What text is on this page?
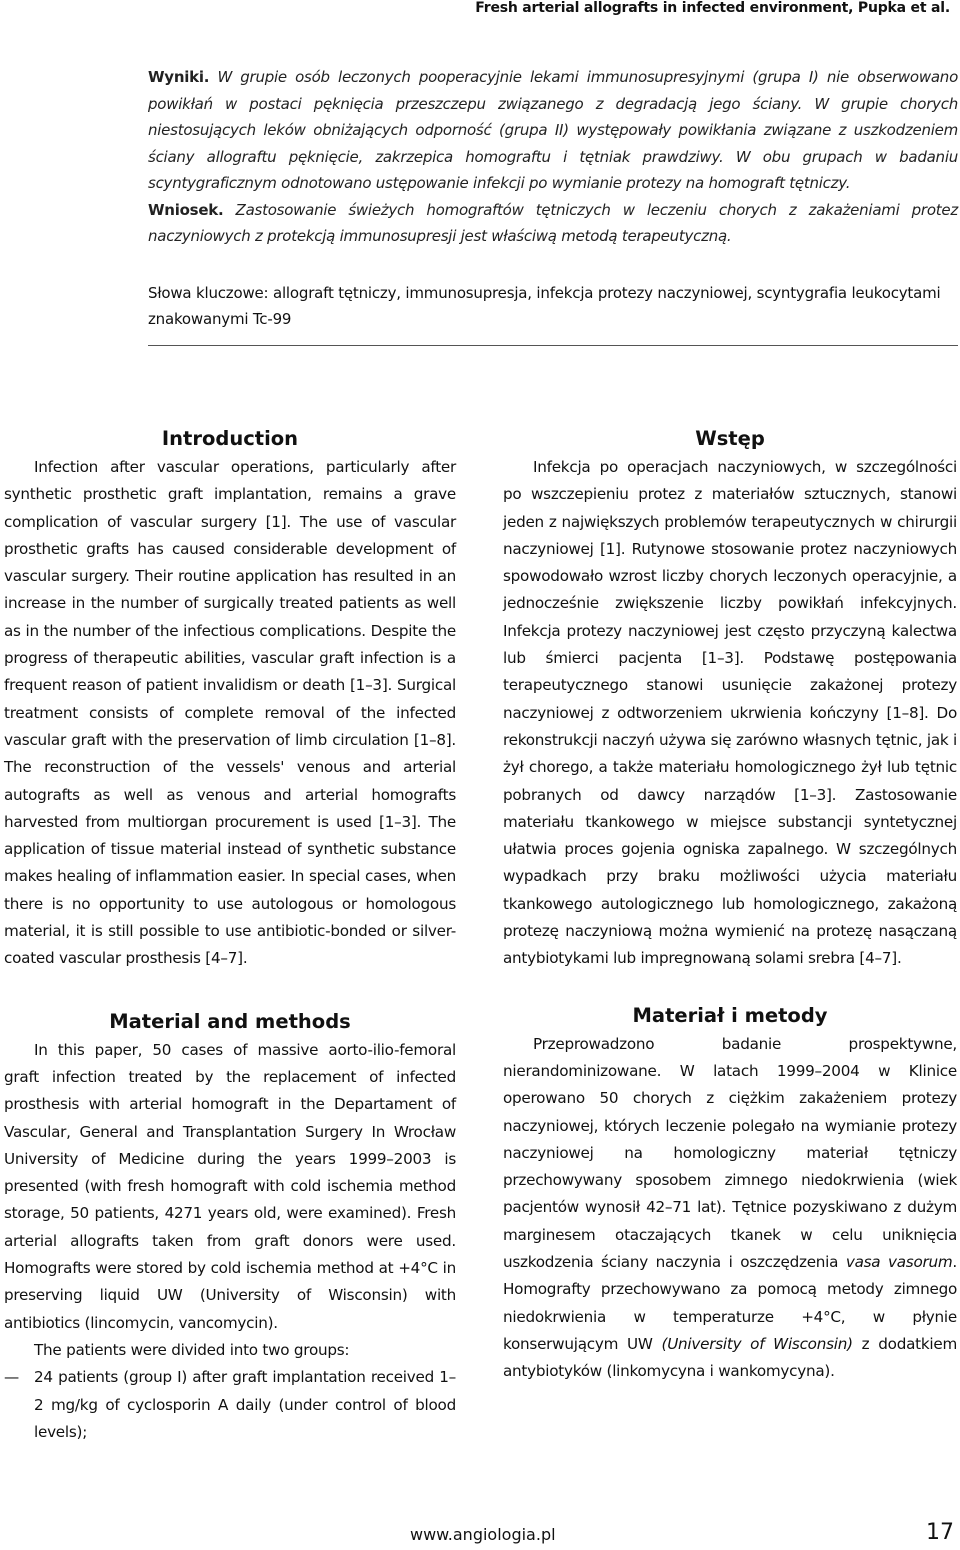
Fresh arterial allografts in infected environment, Pupka et al.
Wyniki. W grupie osób leczonych pooperacyjnie lekami immunosupresyjnymi (grupa I) nie obserwowano powikłań w postaci pęknięcia przeszczepu związanego z degradacją jego ściany. W grupie chorych niestosujących leków obniżających odporność (grupa II) występowały powikłania związane z uszkodzeniem ściany allograftu pęknięcie, zakrzepica homograftu i tętniak prawdziwy. W obu grupach w badaniu scyntygraficznym odnotowano ustępowanie infekcji po wymianie protezy na homograft tętniczy.
Wniosek. Zastosowanie świeżych homograftów tętniczych w leczeniu chorych z zakażeniami protez naczyniowych z protekcją immunosupresji jest właściwą metodą terapeutyczną.
Słowa kluczowe: allograft tętniczy, immunosupresja, infekcja protezy naczyniowej, scyntygrafia leukocytami znakowanymi Tc-99
Introduction

Infection after vascular operations, particularly after synthetic prosthetic graft implantation, remains a grave complication of vascular surgery [1]. The use of vascular prosthetic grafts has caused considerable development of vascular surgery. Their routine application has resulted in an increase in the number of surgically treated patients as well as in the number of the infectious complications. Despite the progress of therapeutic abilities, vascular graft infection is a frequent reason of patient invalidism or death [1–3]. Surgical treatment consists of complete removal of the infected vascular graft with the preservation of limb circulation [1–8]. The reconstruction of the vessels' venous and arterial autografts as well as venous and arterial homografts harvested from multiorgan procurement is used [1–3]. The application of tissue material instead of synthetic substance makes healing of inflammation easier. In special cases, when there is no opportunity to use autologous or homologous material, it is still possible to use antibiotic-bonded or silver-coated vascular prosthesis [4–7].

Material and methods

In this paper, 50 cases of massive aorto-ilio-femoral graft infection treated by the replacement of infected prosthesis with arterial homograft in the Departament of Vascular, General and Transplantation Surgery In Wrocław University of Medicine during the years 1999–2003 is presented (with fresh homograft with cold ischemia method storage, 50 patients, 4271 years old, were examined). Fresh arterial allografts taken from graft donors were used. Homografts were stored by cold ischemia method at +4°C in preserving liquid UW (University of Wisconsin) with antibiotics (lincomycin, vancomycin).

The patients were divided into two groups:

— 24 patients (group I) after graft implantation received 1–2 mg/kg of cyclosporin A daily (under control of blood levels);
Wstęp

Infekcja po operacjach naczyniowych, w szczególności po wszczepieniu protez z materiałów sztucznych, stanowi jeden z największych problemów terapeutycznych w chirurgii naczyniowej [1]. Rutynowe stosowanie protez naczyniowych spowodowało wzrost liczby chorych leczonych operacyjnie, a jednocześnie zwiększenie liczby powikłań infekcyjnych. Infekcja protezy naczyniowej jest często przyczyną kalectwa lub śmierci pacjenta [1–3]. Podstawę postępowania terapeutycznego stanowi usunięcie zakażonej protezy naczyniowej z odtworzeniem ukrwienia kończyny [1–8]. Do rekonstrukcji naczyń używa się zarówno własnych tętnic, jak i żył chorego, a także materiału homologicznego żył lub tętnic pobranych od dawcy narządów [1–3]. Zastosowanie materiału tkankowego w miejsce substancji syntetycznej ułatwia proces gojenia ogniska zapalnego. W szczególnych wypadkach przy braku możliwości użycia materiału tkankowego autologicznego lub homologicznego, zakażoną protezę naczyniową można wymienić na protezę nasączaną antybiotykami lub impregnowaną solami srebra [4–7].

Materiał i metody

Przeprowadzono badanie prospektywne, nierandominizowane. W latach 1999–2004 w Klinice operowano 50 chorych z ciężkim zakażeniem protezy naczyniowej, których leczenie polegało na wymianie protezy naczyniowej na homologiczny materiał tętniczy przechowywany sposobem zimnego niedokrwienia (wiek pacjentów wynosił 42–71 lat). Tętnice pozyskiwano z dużym marginesem otaczających tkanek w celu uniknięcia uszkodzenia ściany naczynia i oszczędzenia vasa vasorum. Homografty przechowywano za pomocą metody zimnego niedokrwienia w temperaturze +4°C, w płynie konserwującym UW (University of Wisconsin) z dodatkiem antybiotyków (linkomycyna i wankomycyna).

www.angiologia.pl	17
